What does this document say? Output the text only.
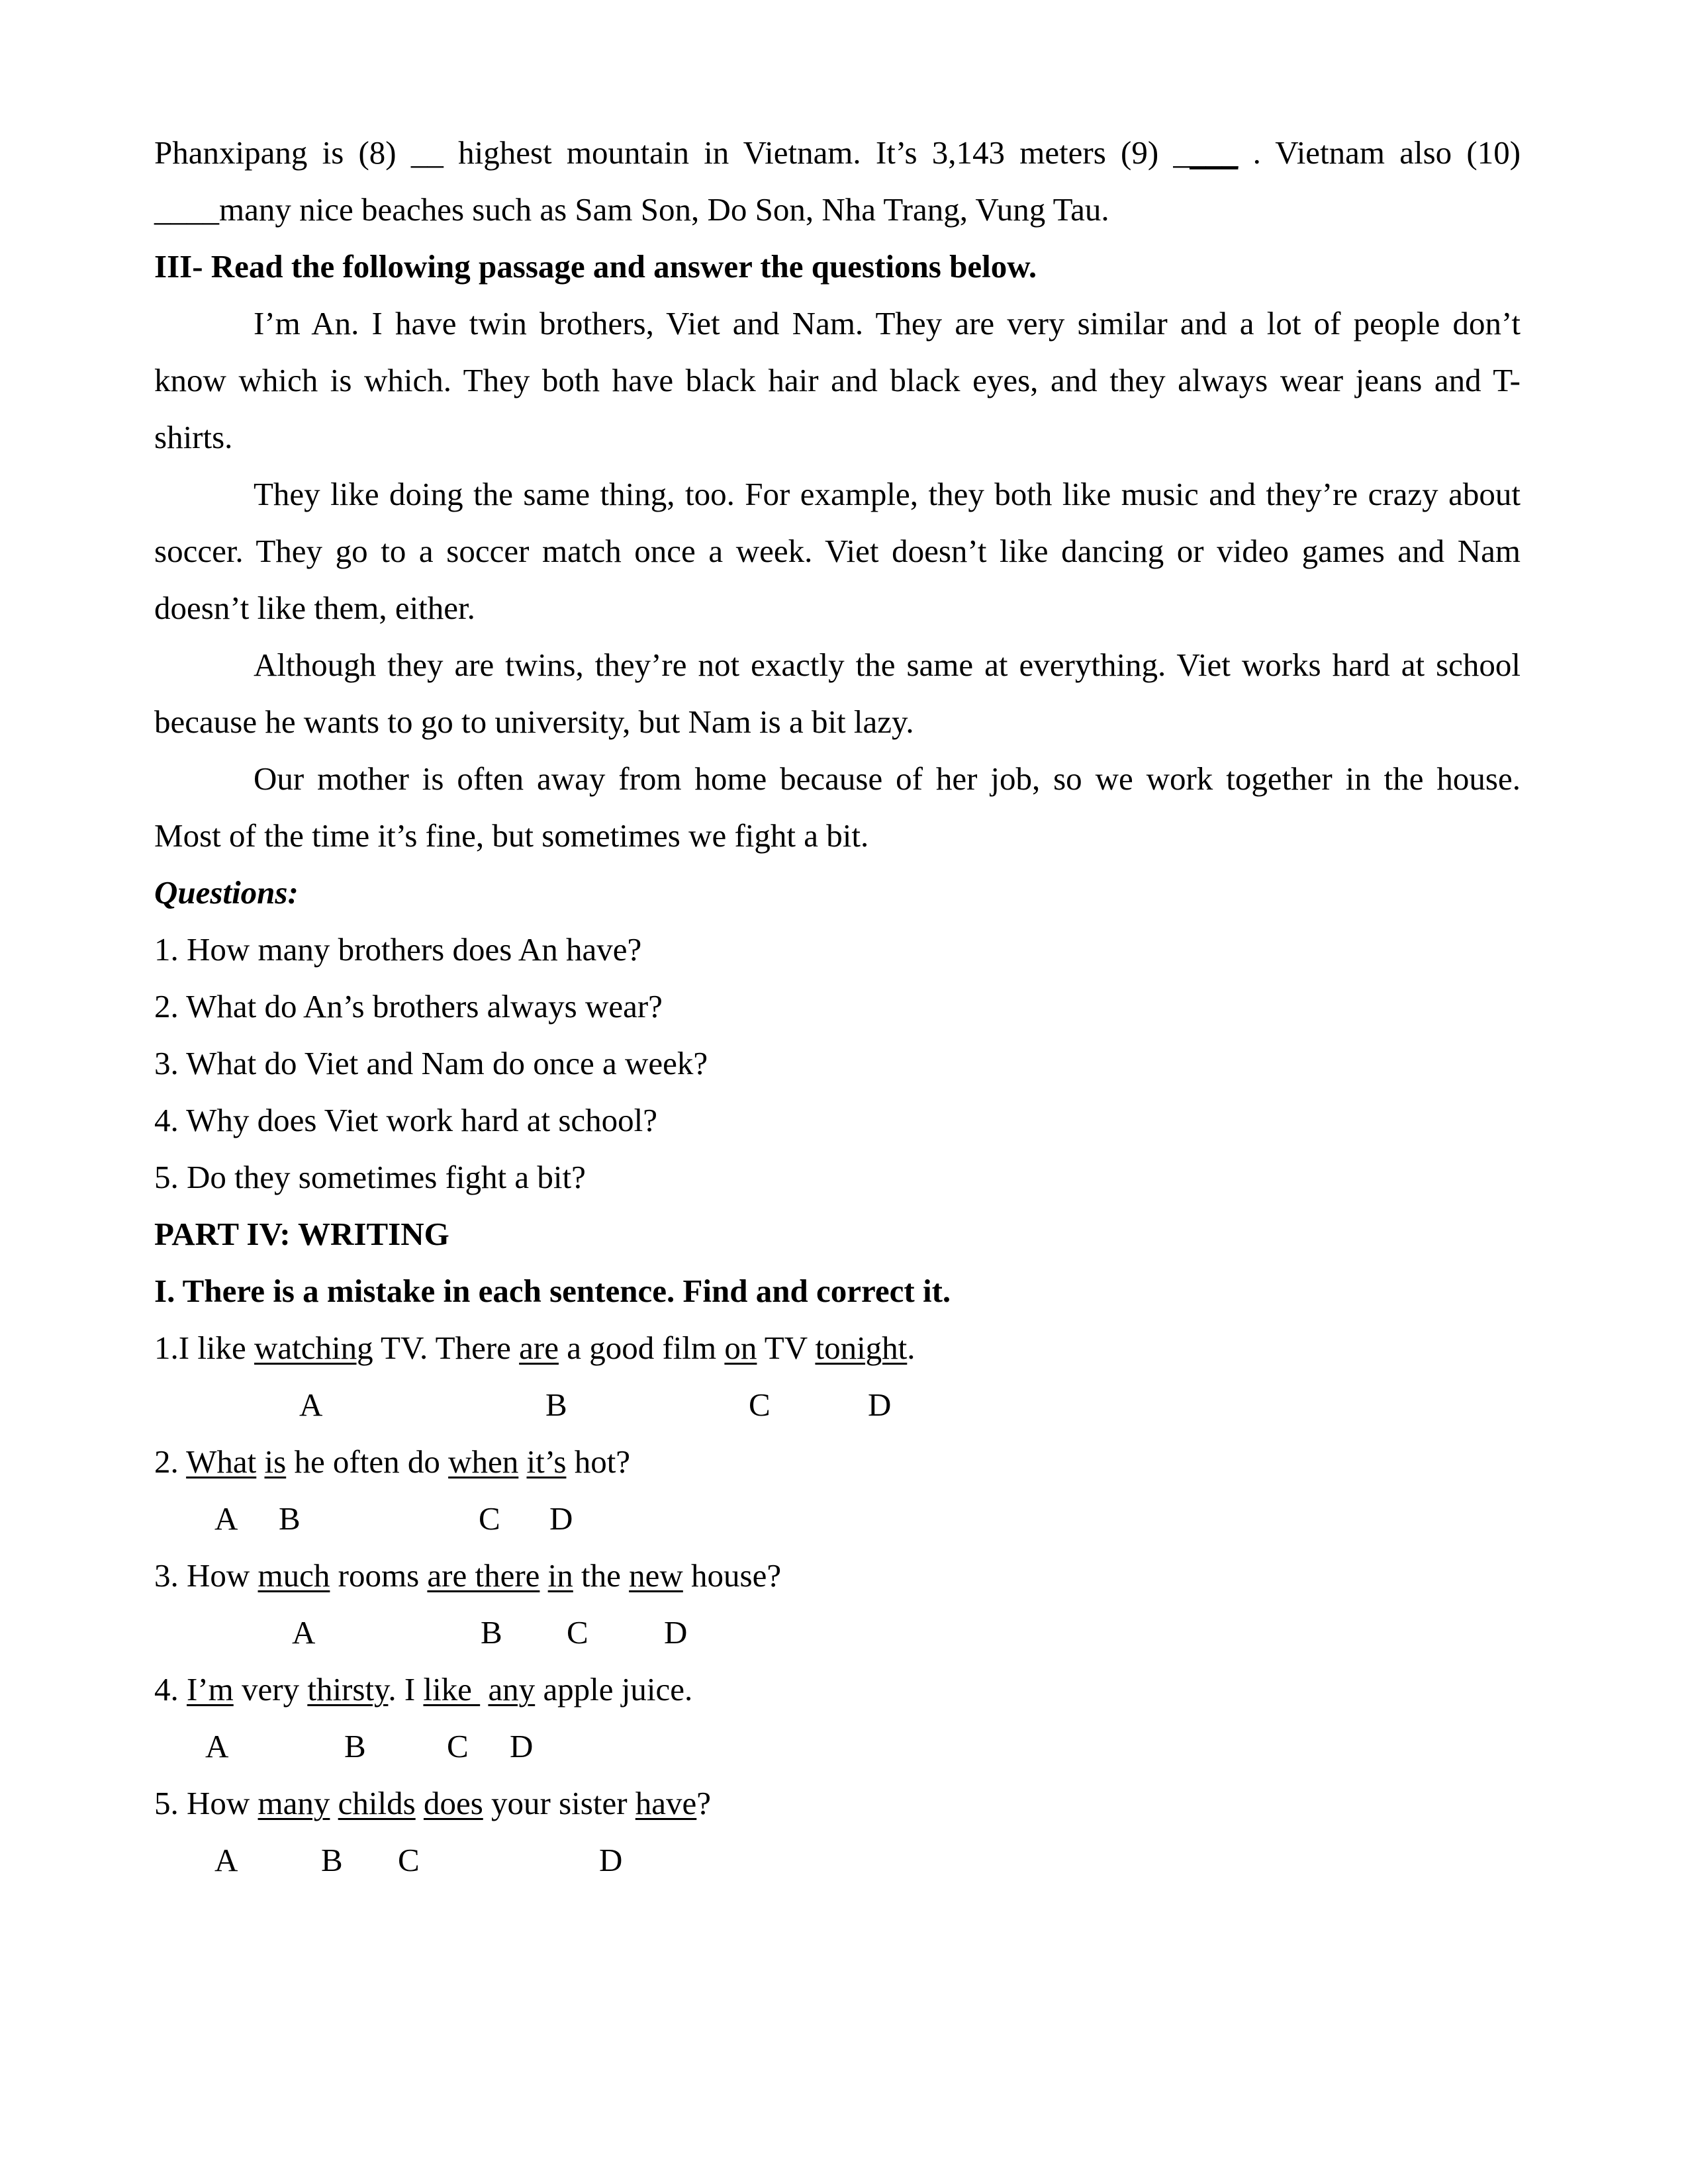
Phanxipang is (8) __ highest mountain in Vietnam. It’s 3,143 meters (9) ____ . Vietnam also (10)
____many nice beaches such as Sam Son, Do Son, Nha Trang, Vung Tau.
III- Read the following passage and answer the questions below.
I’m An. I have twin brothers, Viet and Nam. They are very similar and a lot of people don’t
know which is which. They both have black hair and black eyes, and they always wear jeans and T-
shirts.
They like doing the same thing, too. For example, they both like music and they’re crazy about
soccer. They go to a soccer match once a week. Viet doesn’t like dancing or video games and Nam
doesn’t like them, either.
Although they are twins, they’re not exactly the same at everything. Viet works hard at school
because he wants to go to university, but Nam is a bit lazy.
Our mother is often away from home because of her job, so we work together in the house.
Most of the time it’s fine, but sometimes we fight a bit.
Questions:
1. How many brothers does An have?
2. What do An’s brothers always wear?
3. What do Viet and Nam do once a week?
4. Why does Viet work hard at school?
5. Do they sometimes fight a bit?
PART IV: WRITING
I. There is a mistake in each sentence. Find and correct it.
1.I like watching TV. There are a good film on TV tonight.
A	B	C	D
2. What is he often do when it’s hot?
A B	C D
3. How much rooms are there in the new house?
A	B C D
4. I’m very thirsty. I like  any apple juice.
A	B C D
5. How many childs does your sister have?
A	B C	D
